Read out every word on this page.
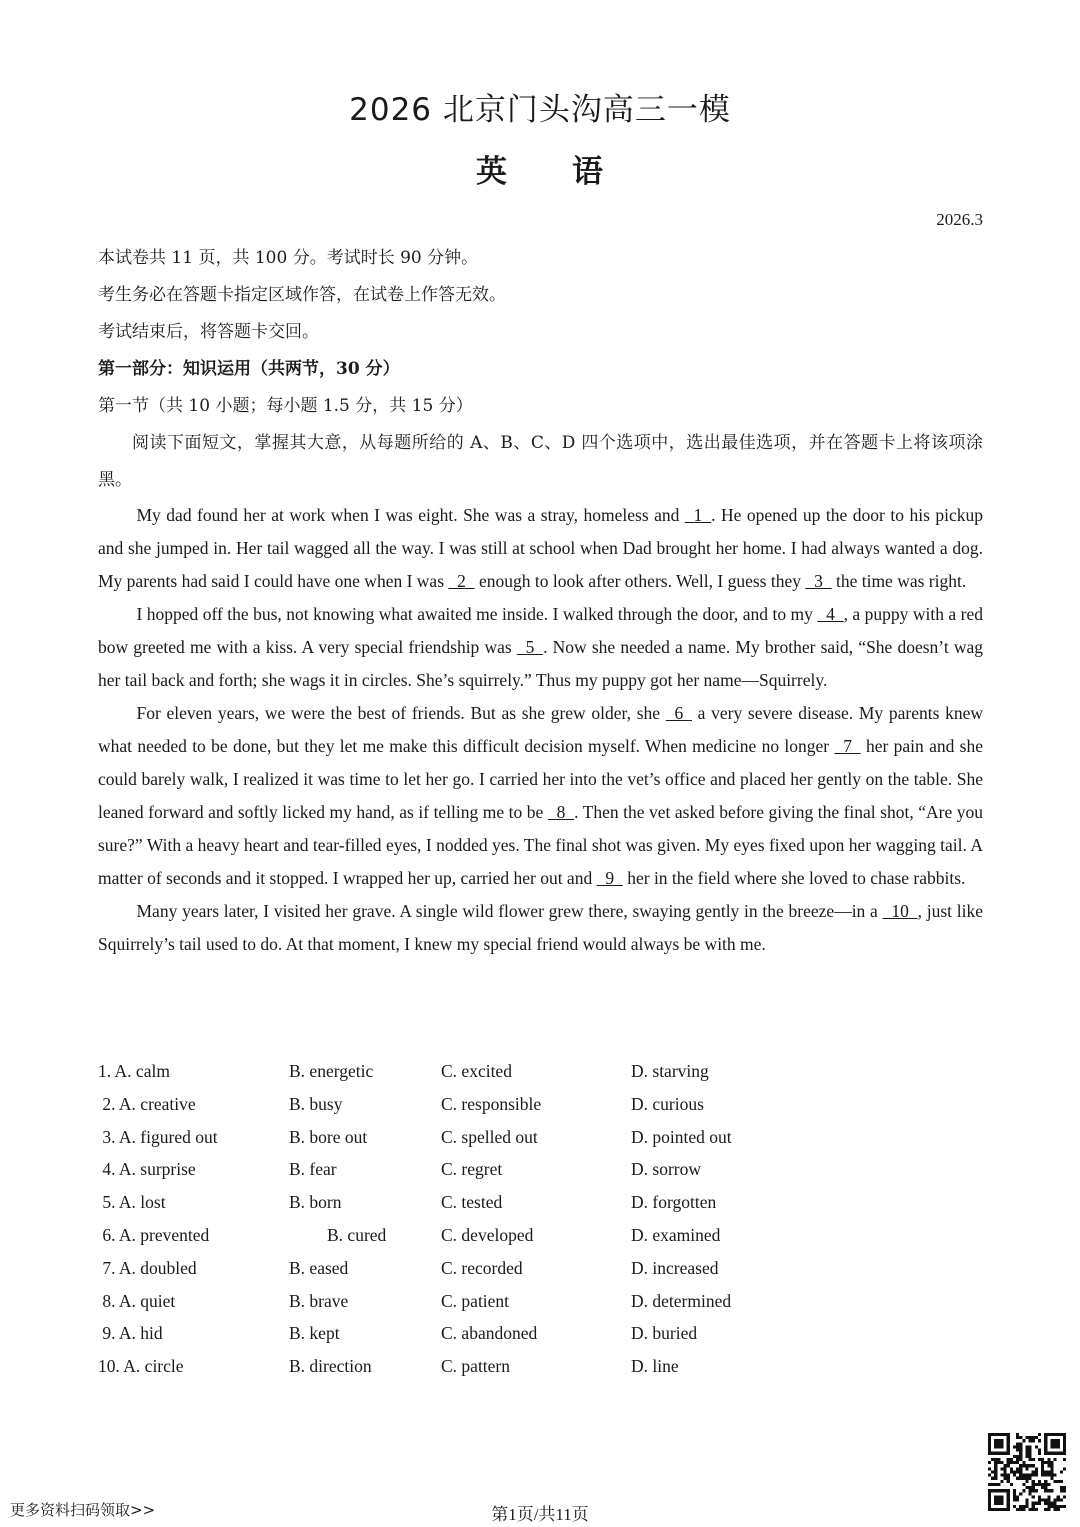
2026 北京门头沟高三一模
英　　语
2026.3
本试卷共 11 页，共 100 分。考试时长 90 分钟。
考生务必在答题卡指定区域作答，在试卷上作答无效。
考试结束后，将答题卡交回。
第一部分：知识运用（共两节，30 分）
第一节（共 10 小题；每小题 1.5 分，共 15 分）

阅读下面短文，掌握其大意，从每题所给的 A、B、C、D 四个选项中，选出最佳选项，并在答题卡上将该项涂黑。

My dad found her at work when I was eight. She was a stray, homeless and   1 . He opened up the door to his pickup and she jumped in. Her tail wagged all the way. I was still at school when Dad brought her home. I had always wanted a dog. My parents had said I could have one when I was   2   enough to look after others. Well, I guess they   3   the time was right.

I hopped off the bus, not knowing what awaited me inside. I walked through the door, and to my   4 , a puppy with a red bow greeted me with a kiss. A very special friendship was   5 . Now she needed a name. My brother said, “She doesn’t wag her tail back and forth; she wags it in circles. She’s squirrely.” Thus my puppy got her name—Squirrely.

For eleven years, we were the best of friends. But as she grew older, she   6   a very severe disease. My parents knew what needed to be done, but they let me make this difficult decision myself. When medicine no longer   7   her pain and she could barely walk, I realized it was time to let her go. I carried her into the vet’s office and placed her gently on the table. She leaned forward and softly licked my hand, as if telling me to be   8 . Then the vet asked before giving the final shot, “Are you sure?” With a heavy heart and tear-filled eyes, I nodded yes. The final shot was given. My eyes fixed upon her wagging tail. A matter of seconds and it stopped. I wrapped her up, carried her out and   9   her in the field where she loved to chase rabbits.

Many years later, I visited her grave. A single wild flower grew there, swaying gently in the breeze—in a   10 , just like Squirrely’s tail used to do. At that moment, I knew my special friend would always be with me.

1. A. calm	B. energetic	C. excited	D. starving
2. A. creative	B. busy	C. responsible	D. curious
3. A. figured out	B. bore out	C. spelled out	D. pointed out
4. A. surprise	B. fear	C. regret	D. sorrow
5. A. lost	B. born	C. tested	D. forgotten
6. A. prevented	B. cured	C. developed	D. examined
7. A. doubled	B. eased	C. recorded	D. increased
8. A. quiet	B. brave	C. patient	D. determined
9. A. hid	B. kept	C. abandoned	D. buried
10. A. circle	B. direction	C. pattern	D. line
更多资料扫码领取>>	第1页/共11页
